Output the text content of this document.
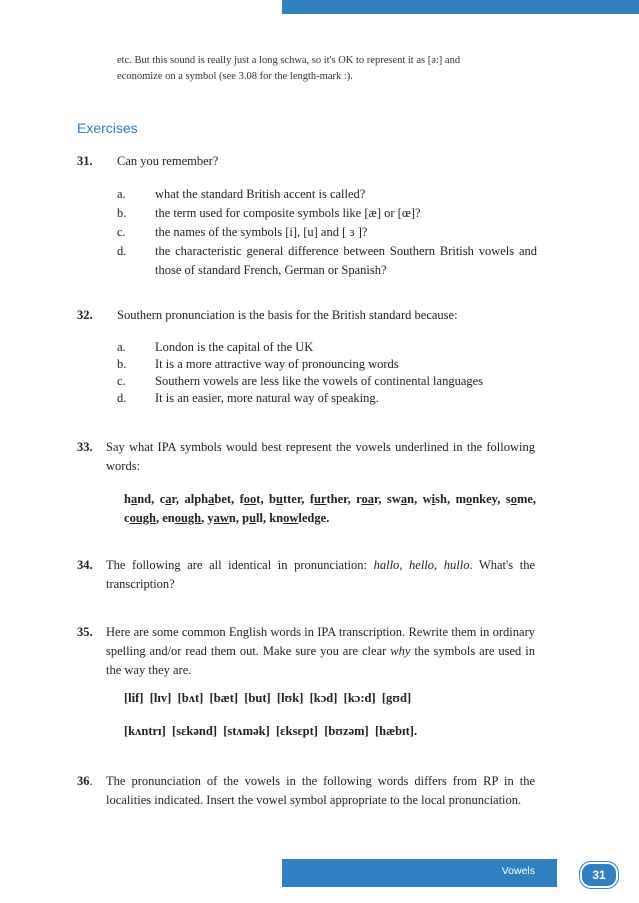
etc. But this sound is really just a long schwa, so it's OK to represent it as [ə:] and
economize on a symbol (see 3.08 for the length-mark ː).
Exercises
31. Can you remember?
a. what the standard British accent is called?
b. the term used for composite symbols like [æ] or [œ]?
c. the names of the symbols [i], [u] and [ ɜ ]?
d. the characteristic general difference between Southern British vowels and those of standard French, German or Spanish?
32. Southern pronunciation is the basis for the British standard because:
a. London is the capital of the UK
b. It is a more attractive way of pronouncing words
c. Southern vowels are less like the vowels of continental languages
d. It is an easier, more natural way of speaking.
33. Say what IPA symbols would best represent the vowels underlined in the following words:
hand, car, alphabet, foot, butter, further, roar, swan, wish, monkey, some, cough, enough, yawn, pull, knowledge.
34. The following are all identical in pronunciation: hallo, hello, hullo. What's the transcription?
35. Here are some common English words in IPA transcription. Rewrite them in ordinary spelling and/or read them out. Make sure you are clear why the symbols are used in the way they are.
[lif] [lɪv] [bʌt] [bæt] [but] [lʊk] [kɔd] [kɔ:d] [gʊd]
[kʌntrɪ] [sɛkənd] [stʌmək] [ɛksɛpt] [bʊzəm] [hæbɪt].
36. The pronunciation of the vowels in the following words differs from RP in the localities indicated. Insert the vowel symbol appropriate to the local pronunciation.
Vowels	31
